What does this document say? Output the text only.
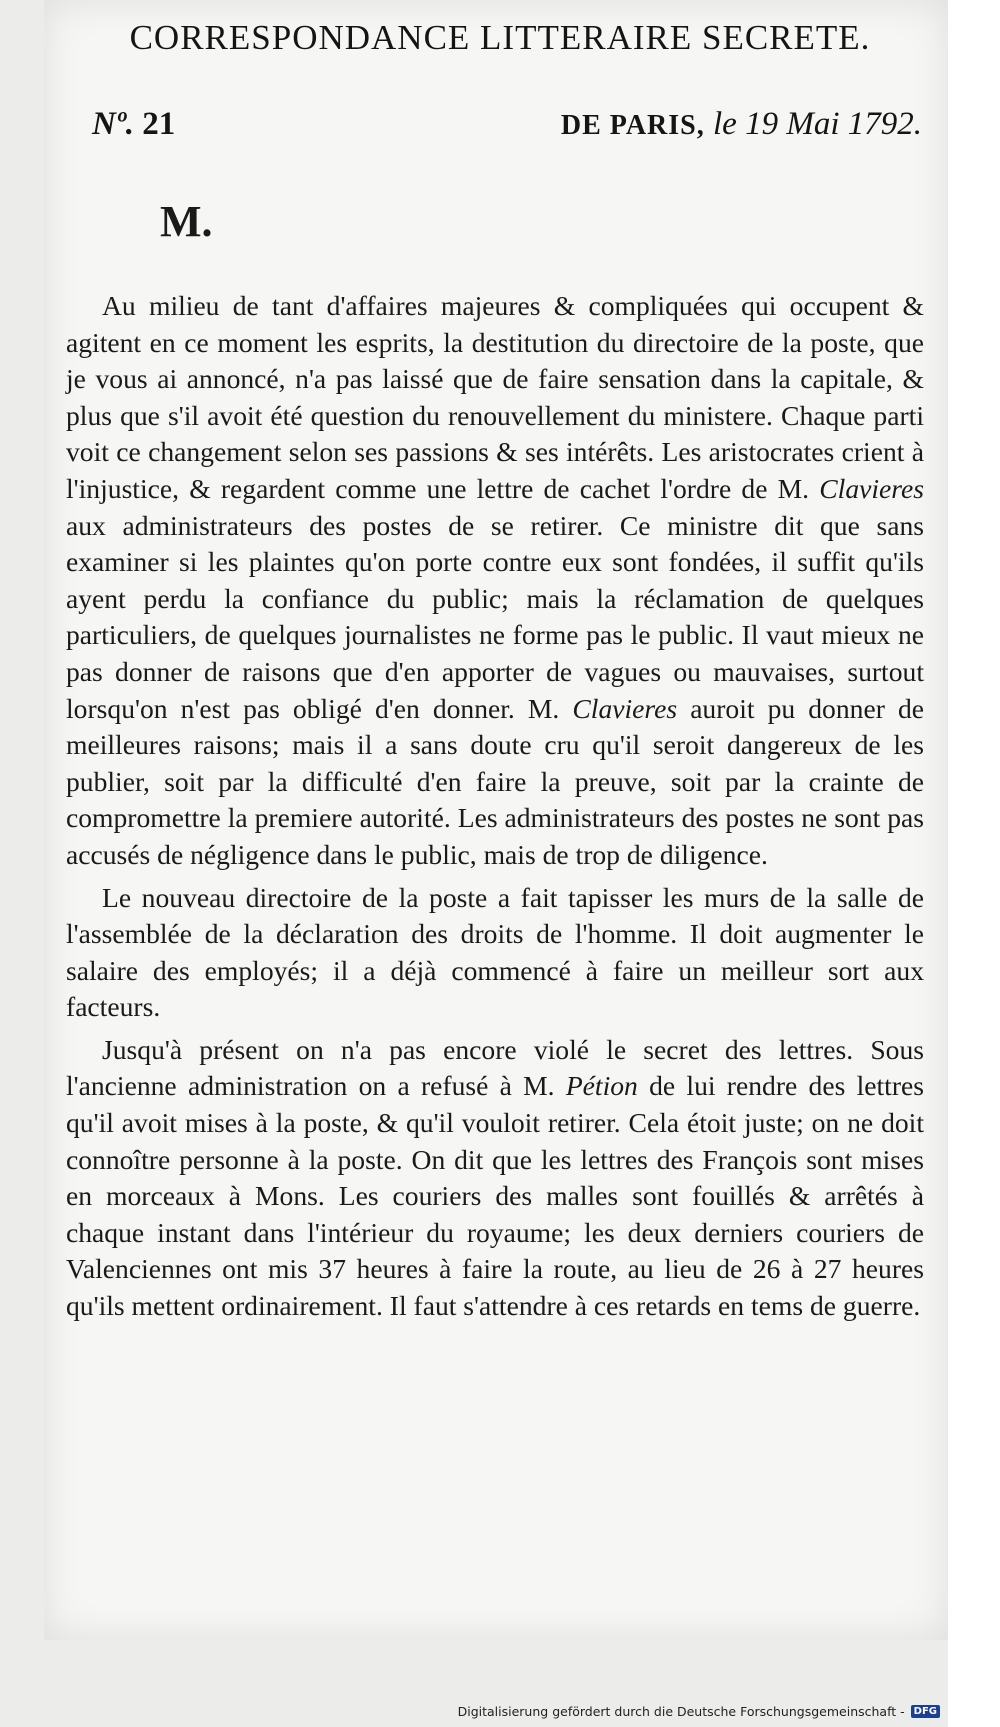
CORRESPONDANCE LITTERAIRE SECRETE.
Nº. 21	DE PARIS, le 19 Mai 1792.
M.

Au milieu de tant d'affaires majeures & compliquées qui occupent & agitent en ce moment les esprits, la destitution du directoire de la poste, que je vous ai annoncé, n'a pas laissé que de faire sensation dans la capitale, & plus que s'il avoit été question du renouvellement du ministere. Chaque parti voit ce changement selon ses passions & ses intérêts. Les aristocrates crient à l'injustice, & regardent comme une lettre de cachet l'ordre de M. Clavieres aux administrateurs des postes de se retirer. Ce ministre dit que sans examiner si les plaintes qu'on porte contre eux sont fondées, il suffit qu'ils ayent perdu la confiance du public; mais la réclamation de quelques particuliers, de quelques journalistes ne forme pas le public. Il vaut mieux ne pas donner de raisons que d'en apporter de vagues ou mauvaises, surtout lorsqu'on n'est pas obligé d'en donner. M. Clavieres auroit pu donner de meilleures raisons; mais il a sans doute cru qu'il seroit dangereux de les publier, soit par la difficulté d'en faire la preuve, soit par la crainte de compromettre la premiere autorité. Les administrateurs des postes ne sont pas accusés de négligence dans le public, mais de trop de diligence.

Le nouveau directoire de la poste a fait tapisser les murs de la salle de l'assemblée de la déclaration des droits de l'homme. Il doit augmenter le salaire des employés; il a déjà commencé à faire un meilleur sort aux facteurs.

Jusqu'à présent on n'a pas encore violé le secret des lettres. Sous l'ancienne administration on a refusé à M. Pétion de lui rendre des lettres qu'il avoit mises à la poste, & qu'il vouloit retirer. Cela étoit juste; on ne doit connoître personne à la poste. On dit que les lettres des François sont mises en morceaux à Mons. Les couriers des malles sont fouillés & arrêtés à chaque instant dans l'intérieur du royaume; les deux derniers couriers de Valenciennes ont mis 37 heures à faire la route, au lieu de 26 à 27 heures qu'ils mettent ordinairement. Il faut s'attendre à ces retards en tems de guerre.

Digitalisierung gefördert durch die Deutsche Forschungsgemeinschaft - DFG
